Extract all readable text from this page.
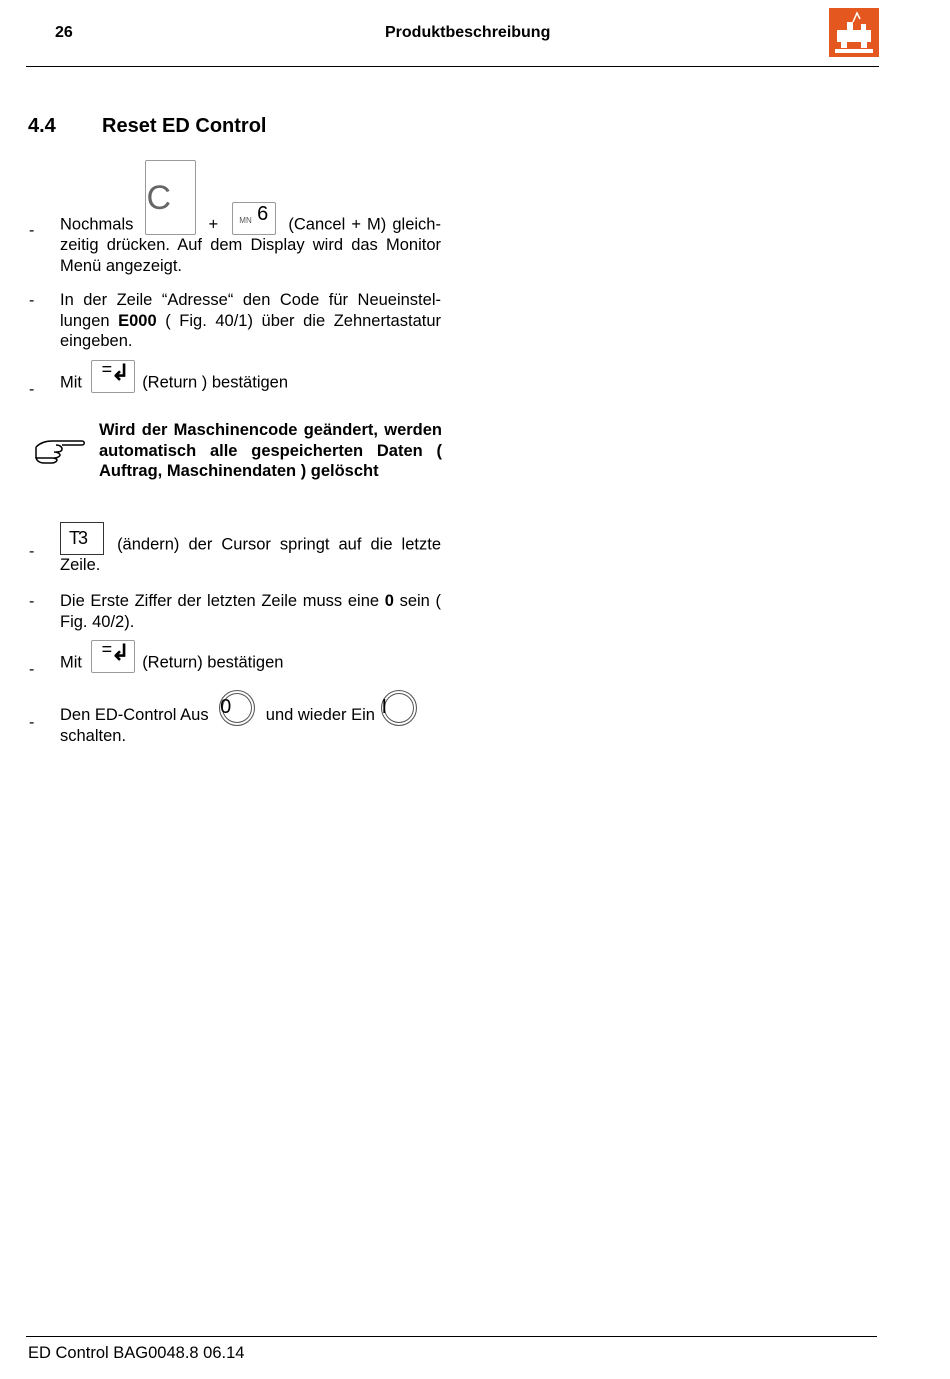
26	Produktbeschreibung
4.4 Reset ED Control
- Nochmals C +	MN 6 (Cancel + M) gleichzeitig drücken. Auf dem Display wird das Monitor Menü angezeigt.
- In der Zeile “Adresse“ den Code für Neueinstellungen E000 ( Fig. 40/1) über die Zehnertastatur eingeben.
- Mit
= ↲ (Return ) bestätigen
Wird der Maschinencode geändert, werden automatisch alle gespeicherten Daten ( Auftrag, Maschinendaten ) gelöscht
-
T3 (ändern) der Cursor springt auf die letzte Zeile.
- Die Erste Ziffer der letzten Zeile muss eine 0 sein ( Fig. 40/2).
- Mit
= ↲ (Return) bestätigen
- Den ED-Control Aus 0 und wieder Ein I
schalten.
ED Control BAG0048.8 06.14
